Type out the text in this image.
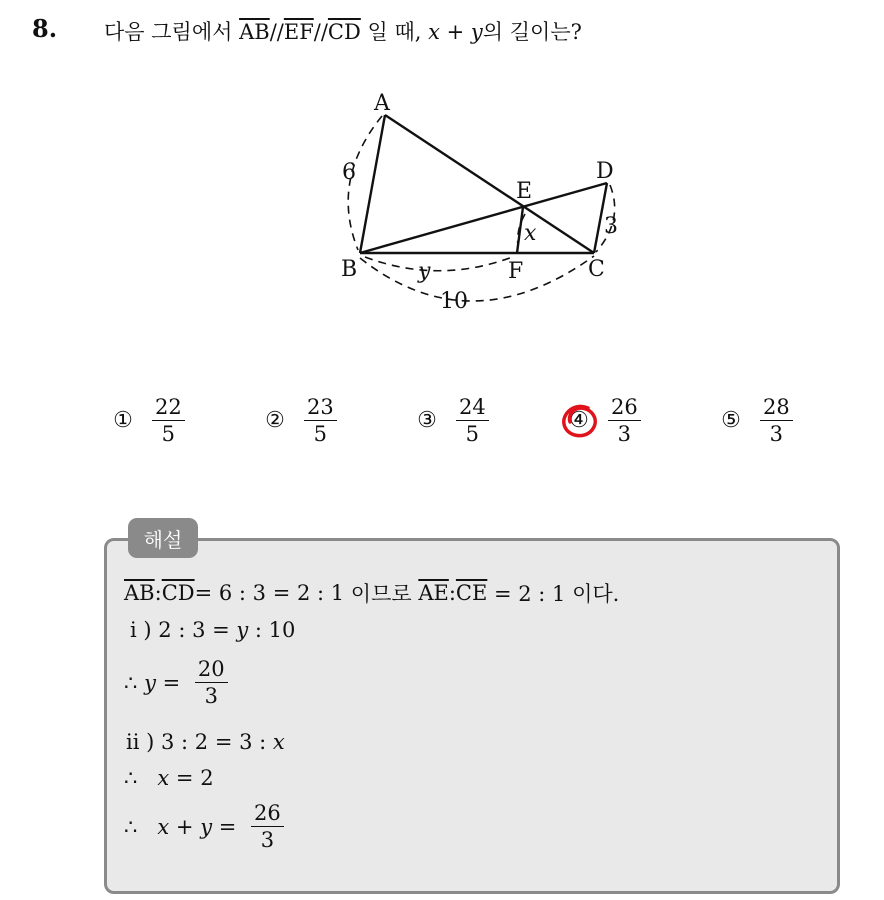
8. 다음 그림에서 $\overline{AB}//\overline{EF}//\overline{CD}$ 일 때, x + y의 길이는?
A
B	C
D
E
F
6
3
x
y
10
① $\frac{22}{5}$	② $\frac{23}{5}$	③ $\frac{24}{5}$	④ $\frac{26}{3}$	⑤ $\frac{28}{3}$
해설
$\overline{AB}$ : $\overline{CD} = 6$ : 3 = 2 : 1 이므로 $\overline{AE}$ : $\overline{CE} = 2$ : 1 이다.
i )
2 : 3 = y : 10
∴
$y = \frac{20}{3}$
ii )
3 : 2 = 3 : x
∴
x = 2
∴
$x + y = \frac{26}{3}$
